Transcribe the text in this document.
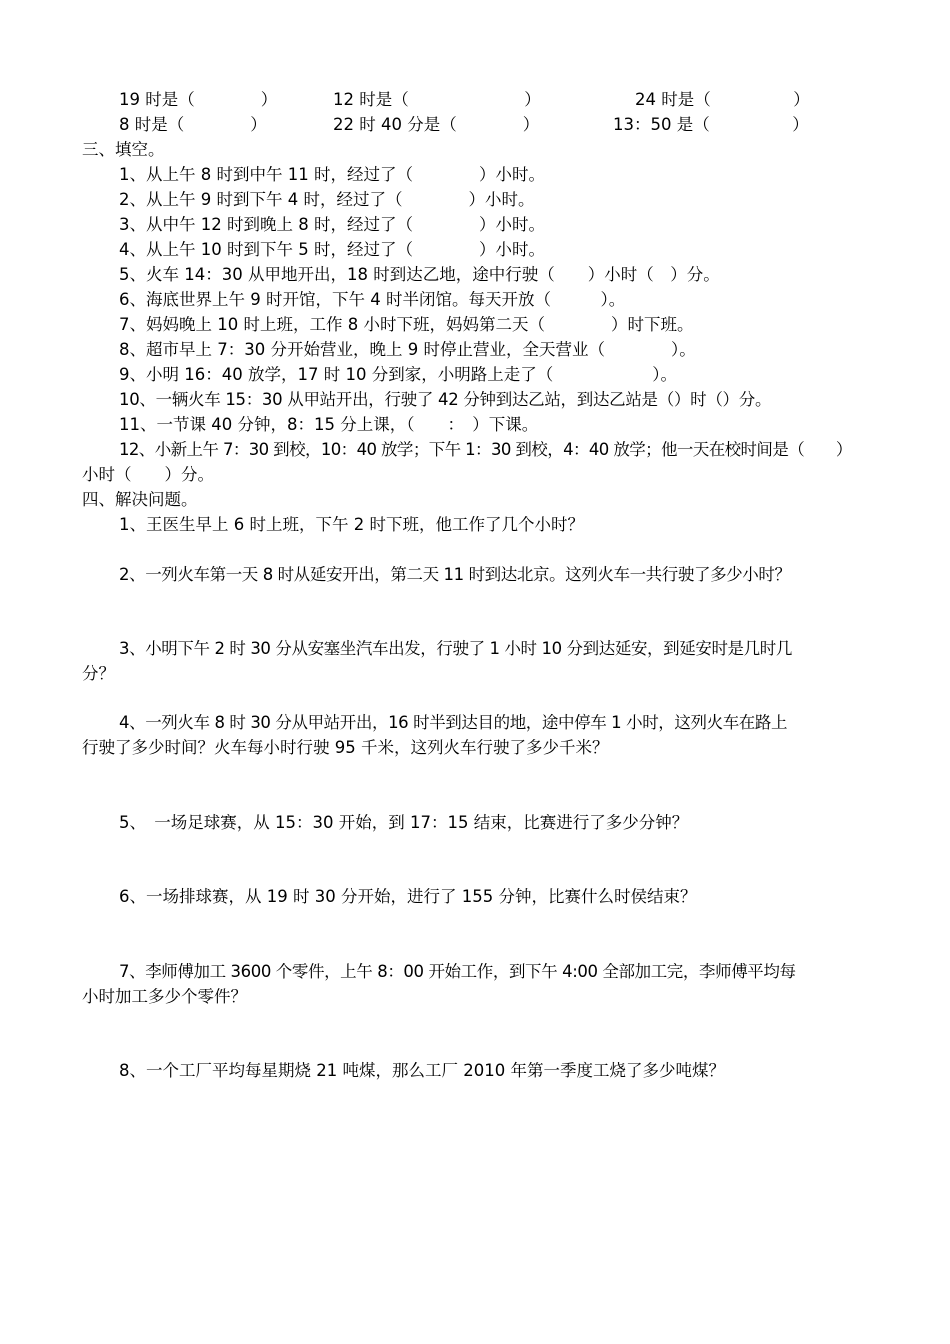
19 时是（　　　　）	12 时是（　　　　　　　）	24 时是（　　　　　）
8 时是（　　　　）	22 时 40 分是（　　　　）	13：50 是（　　　　　）
三、填空。
1、从上午 8 时到中午 11 时，经过了（　　　　）小时。
2、从上午 9 时到下午 4 时，经过了（　　　　）小时。
3、从中午 12 时到晚上 8 时，经过了（　　　　）小时。
4、从上午 10 时到下午 5 时，经过了（　　　　）小时。
5、火车 14：30 从甲地开出，18 时到达乙地，途中行驶（　　）小时（　）分。
6、海底世界上午 9 时开馆，下午 4 时半闭馆。每天开放（　　　）。
7、妈妈晚上 10 时上班，工作 8 小时下班，妈妈第二天（　　　　）时下班。
8、超市早上 7：30 分开始营业，晚上 9 时停止营业，全天营业（　　　　）。
9、小明 16：40 放学，17 时 10 分到家，小明路上走了（　　　　　　）。
10、一辆火车 15：30 从甲站开出，行驶了 42 分钟到达乙站，到达乙站是（）时（）分。
11、一节课 40 分钟，8：15 分上课，（　　：　）下课。
12、小新上午 7：30 到校，10：40 放学；下午 1：30 到校，4：40 放学；他一天在校时间是（　　）
小时（　　）分。
四、解决问题。
1、王医生早上 6 时上班，下午 2 时下班，他工作了几个小时？
2、一列火车第一天 8 时从延安开出，第二天 11 时到达北京。这列火车一共行驶了多少小时？
3、小明下午 2 时 30 分从安塞坐汽车出发，行驶了 1 小时 10 分到达延安，到延安时是几时几
分？
4、一列火车 8 时 30 分从甲站开出，16 时半到达目的地，途中停车 1 小时，这列火车在路上
行驶了多少时间？火车每小时行驶 95 千米，这列火车行驶了多少千米？
5、　一场足球赛，从 15：30 开始，到 17：15 结束，比赛进行了多少分钟？
6、一场排球赛，从 19 时 30 分开始，进行了 155 分钟，比赛什么时侯结束？
7、李师傅加工 3600 个零件，上午 8：00 开始工作，到下午 4:00 全部加工完，李师傅平均每
小时加工多少个零件？
8、一个工厂平均每星期烧 21 吨煤，那么工厂 2010 年第一季度工烧了多少吨煤？
